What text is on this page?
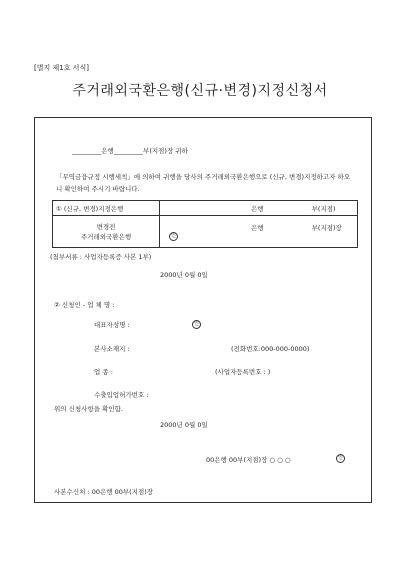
[별지 제1호 서식]
주거래외국환은행(신규·변경)지정신청서
_________은행_________부(지점)장 귀하
「무역금융규정 시행세칙」에 의하여 귀행을 당사의 주거래외국환은행으로 (신규, 변경)지정하고자 하오니 확인하여 주시기 바랍니다.
① (신규, 변경)지정은행	은행 부(지점)

변경전
주거래외국환은행	은행 부(지점)장 인
(첨부서류 : 사업자등록증 사본 1부)
2000년 0월 0일
② 신청인 - 업 체 명 :
대표자성명 :	인
본사소재지 :	(전화번호:000-000-0000)
업 종 :	(사업자등록번호 : )
수출입업허가번호 :
위의 신청사항을 확인함.
2000년 0월 0일
00은행 00부(지점)장 ○ ○ ○	인
사본수신처 : 00은행 00부(지점)장
